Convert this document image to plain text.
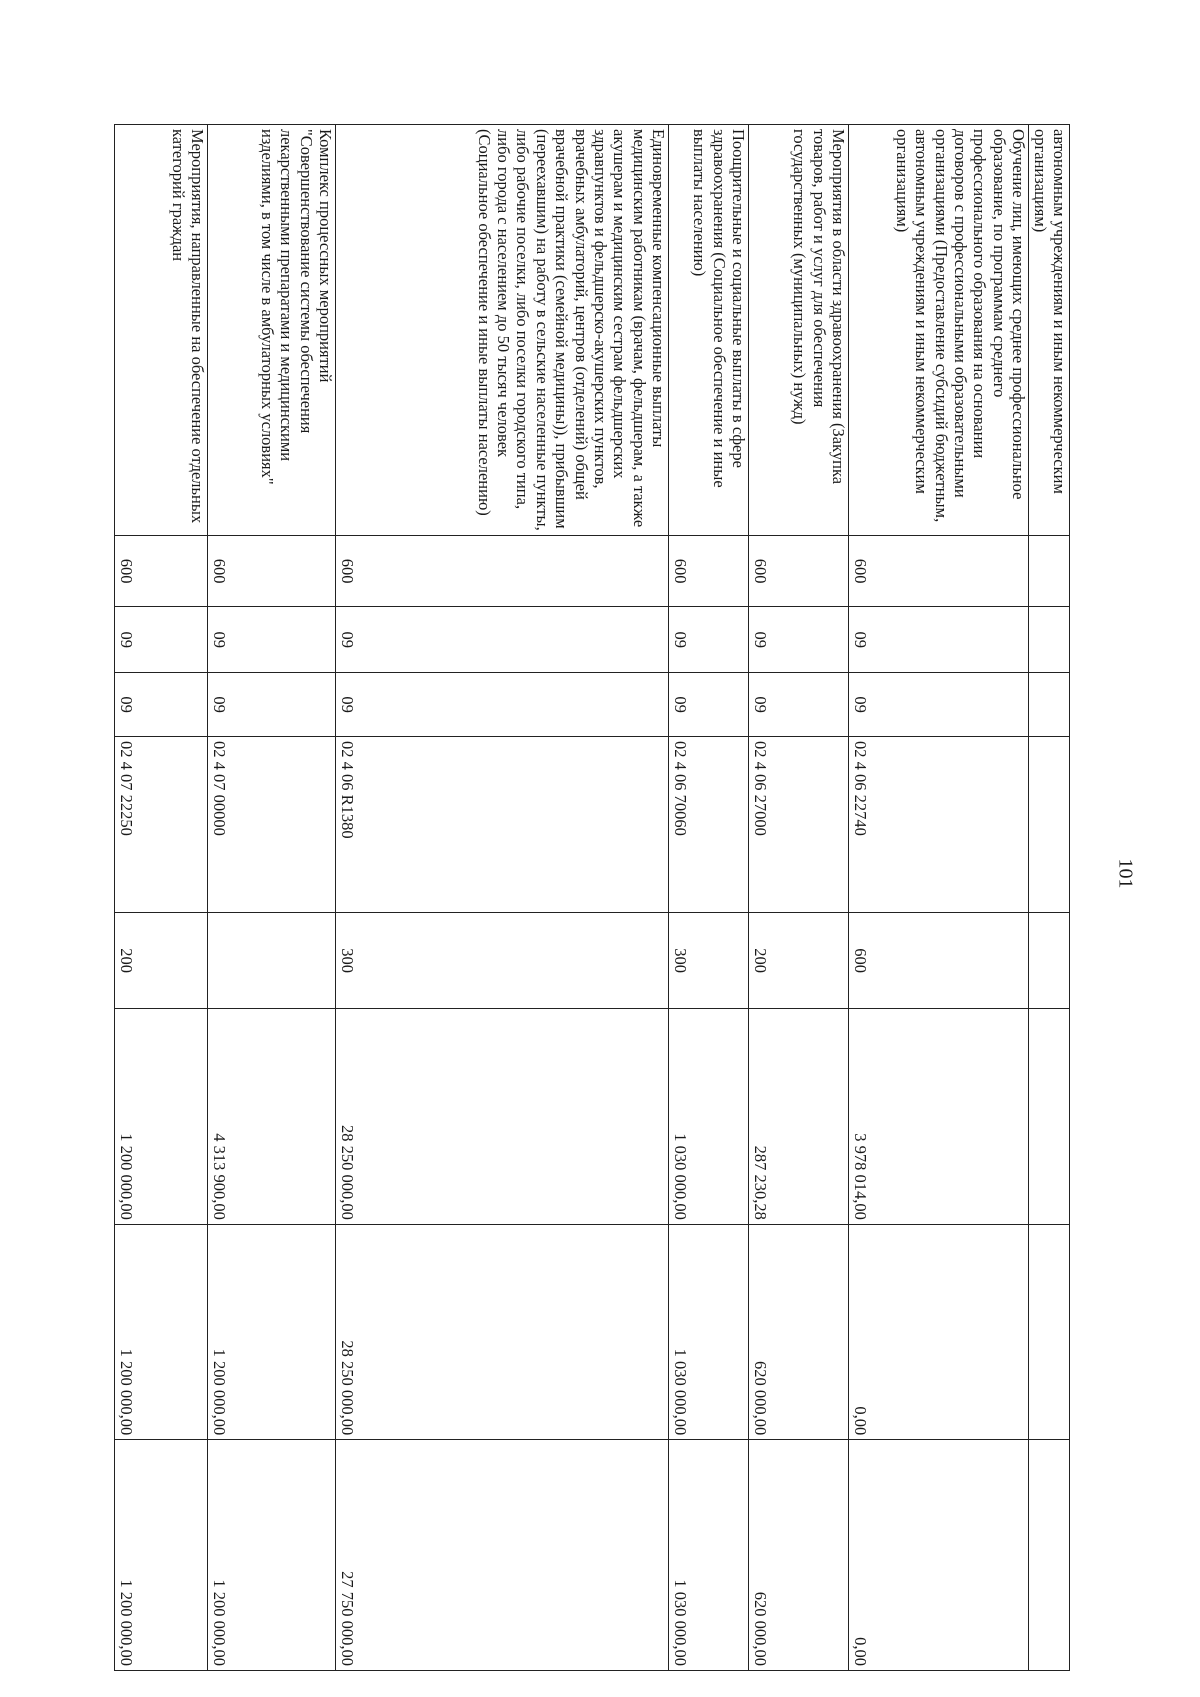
101
автономным учреждениям и иным некоммерческим организациям)								
Обучение лиц, имеющих среднее профессиональное образование, по программам среднего профессионального образования на основании договоров с профессиональными образовательными организациями (Предоставление субсидий бюджетным, автономным учреждениям и иным некоммерческим организациям)	600	09	09	02 4 06 22740	600	3 978 014,00	0,00	0,00
Мероприятия в области здравоохранения (Закупка товаров, работ и услуг для обеспечения государственных (муниципальных) нужд)	600	09	09	02 4 06 27000	200	287 230,28	620 000,00	620 000,00
Поощрительные и социальные выплаты в сфере здравоохранения (Социальное обеспечение и иные выплаты населению)	600	09	09	02 4 06 70060	300	1 030 000,00	1 030 000,00	1 030 000,00
Единовременные компенсационные выплаты медицинским работникам (врачам, фельдшерам, а также акушерам и медицинским сестрам фельдшерских здравпунктов и фельдшерско-акушерских пунктов, врачебных амбулаторий, центров (отделений) общей врачебной практики (семейной медицины)), прибывшим (переехавшим) на работу в сельские населенные пункты, либо рабочие поселки, либо поселки городского типа, либо города с населением до 50 тысяч человек (Социальное обеспечение и иные выплаты населению)	600	09	09	02 4 06 R1380	300	28 250 000,00	28 250 000,00	27 750 000,00
Комплекс процессных мероприятий "Совершенствование системы обеспечения лекарственными препаратами и медицинскими изделиями, в том числе в амбулаторных условиях"	600	09	09	02 4 07 00000		4 313 900,00	1 200 000,00	1 200 000,00
Мероприятия, направленные на обеспечение отдельных категорий граждан	600	09	09	02 4 07 22250	200	1 200 000,00	1 200 000,00	1 200 000,00
